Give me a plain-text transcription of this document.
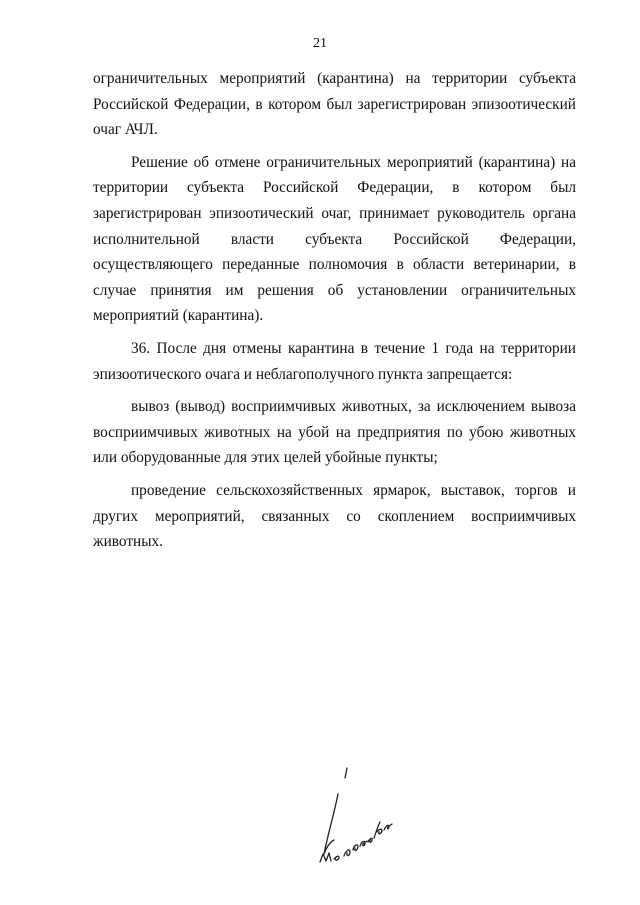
21

ограничительных мероприятий (карантина) на территории субъекта Российской Федерации, в котором был зарегистрирован эпизоотический очаг АЧЛ.

Решение об отмене ограничительных мероприятий (карантина) на территории субъекта Российской Федерации, в котором был зарегистрирован эпизоотический очаг, принимает руководитель органа исполнительной власти субъекта Российской Федерации, осуществляющего переданные полномочия в области ветеринарии, в случае принятия им решения об установлении ограничительных мероприятий (карантина).

36. После дня отмены карантина в течение 1 года на территории эпизоотического очага и неблагополучного пункта запрещается:

вывоз (вывод) восприимчивых животных, за исключением вывоза восприимчивых животных на убой на предприятия по убою животных или оборудованные для этих целей убойные пункты;

проведение сельскохозяйственных ярмарок, выставок, торгов и других мероприятий, связанных со скоплением восприимчивых животных.
